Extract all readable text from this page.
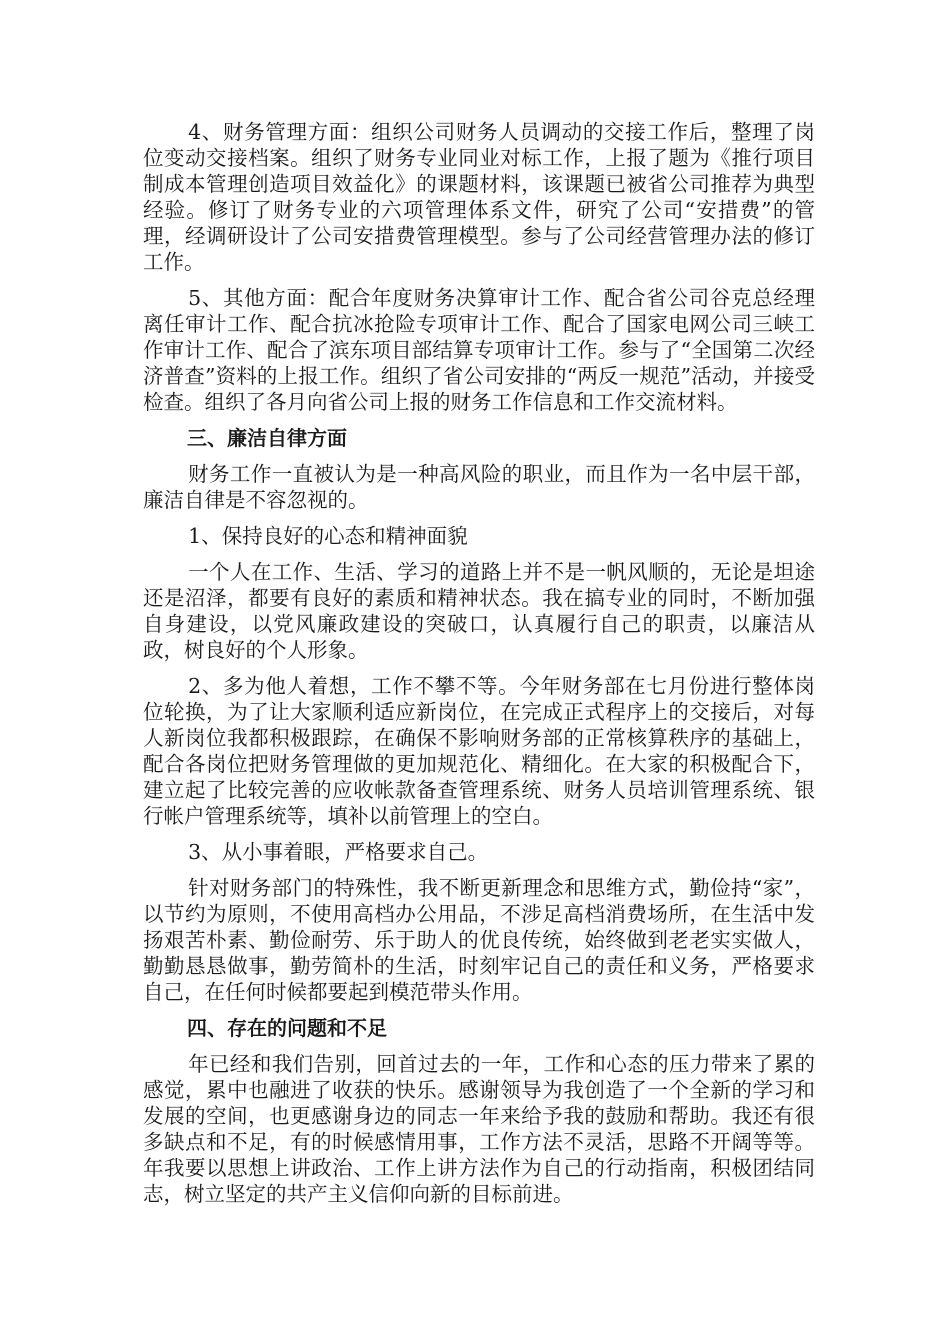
4、财务管理方面：组织公司财务人员调动的交接工作后，整理了岗位变动交接档案。组织了财务专业同业对标工作，上报了题为《推行项目制成本管理创造项目效益化》的课题材料，该课题已被省公司推荐为典型经验。修订了财务专业的六项管理体系文件，研究了公司“安措费”的管理，经调研设计了公司安措费管理模型。参与了公司经营管理办法的修订工作。

5、其他方面：配合年度财务决算审计工作、配合省公司谷克总经理离任审计工作、配合抗冰抢险专项审计工作、配合了国家电网公司三峡工作审计工作、配合了滨东项目部结算专项审计工作。参与了“全国第二次经济普查”资料的上报工作。组织了省公司安排的“两反一规范”活动，并接受检查。组织了各月向省公司上报的财务工作信息和工作交流材料。

三、廉洁自律方面

财务工作一直被认为是一种高风险的职业，而且作为一名中层干部，廉洁自律是不容忽视的。

1、保持良好的心态和精神面貌

一个人在工作、生活、学习的道路上并不是一帆风顺的，无论是坦途还是沼泽，都要有良好的素质和精神状态。我在搞专业的同时，不断加强自身建设，以党风廉政建设的突破口，认真履行自己的职责，以廉洁从政，树良好的个人形象。

2、多为他人着想，工作不攀不等。今年财务部在七月份进行整体岗位轮换，为了让大家顺利适应新岗位，在完成正式程序上的交接后，对每人新岗位我都积极跟踪，在确保不影响财务部的正常核算秩序的基础上，配合各岗位把财务管理做的更加规范化、精细化。在大家的积极配合下，建立起了比较完善的应收帐款备查管理系统、财务人员培训管理系统、银行帐户管理系统等，填补以前管理上的空白。

3、从小事着眼，严格要求自己。

针对财务部门的特殊性，我不断更新理念和思维方式，勤俭持“家”，以节约为原则，不使用高档办公用品，不涉足高档消费场所，在生活中发扬艰苦朴素、勤俭耐劳、乐于助人的优良传统，始终做到老老实实做人，勤勤恳恳做事，勤劳简朴的生活，时刻牢记自己的责任和义务，严格要求自己，在任何时候都要起到模范带头作用。

四、存在的问题和不足

年已经和我们告别，回首过去的一年，工作和心态的压力带来了累的感觉，累中也融进了收获的快乐。感谢领导为我创造了一个全新的学习和发展的空间，也更感谢身边的同志一年来给予我的鼓励和帮助。我还有很多缺点和不足，有的时候感情用事，工作方法不灵活，思路不开阔等等。年我要以思想上讲政治、工作上讲方法作为自己的行动指南，积极团结同志，树立坚定的共产主义信仰向新的目标前进。
